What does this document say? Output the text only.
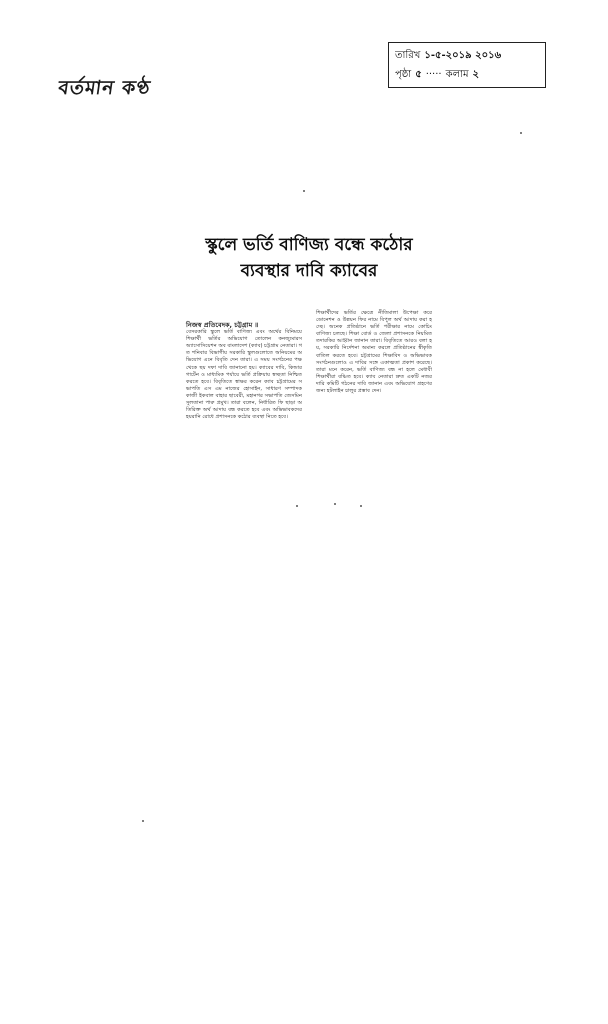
বর্তমান কণ্ঠ
তারিখ ১-৫-২০১৯ ২০১৬
পৃষ্ঠা ৫ ····· কলাম ২
স্কুলে ভর্তি বাণিজ্য বন্ধে কঠোর
ব্যবস্থার দাবি ক্যাবের
নিজস্ব প্রতিবেদক, চট্টগ্রাম ॥
বেসরকারি স্কুলে ভর্তি বাণিজ্য এবং অর্থের বিনিময়ে শিক্ষার্থী ভর্তির অভিযোগ তোলেন কনজ্যুমারস অ্যাসোসিয়েশন অব বাংলাদেশ (ক্যাব) চট্টগ্রাম নেতারা। গত শনিবার বিভাগীয় সরকারি স্কুলগুলোতে অনিয়মের অভিযোগ এনে বিবৃতি দেন তারা। এ সময় সংগঠনের পক্ষ থেকে ছয় দফা দাবি জানানো হয়। ক্যাবের দাবি, কিন্ডারগার্টেন ও মাধ্যমিক পর্যায়ে ভর্তি প্রক্রিয়ায় স্বচ্ছতা নিশ্চিত করতে হবে। বিবৃতিতে স্বাক্ষর করেন ক্যাব চট্টগ্রামের সভাপতি এস এম নাজের হোসাইন, সাধারণ সম্পাদক কাজী ইকবাল বাহার ছাবেরী, মহানগর সভাপতি জেসমিন সুলতানা পারু প্রমুখ। তারা বলেন, নির্ধারিত ফি ছাড়া অতিরিক্ত অর্থ আদায় বন্ধ করতে হবে এবং অভিভাবকদের হয়রানি রোধে প্রশাসনকে কঠোর ব্যবস্থা নিতে হবে।
শিক্ষার্থীদের ভর্তির ক্ষেত্রে নীতিমালা উপেক্ষা করে ডোনেশন ও উন্নয়ন ফির নামে বিপুল অর্থ আদায় করা হচ্ছে। অনেক প্রতিষ্ঠানে ভর্তি পরীক্ষার নামে কোচিং বাণিজ্য চলছে। শিক্ষা বোর্ড ও জেলা প্রশাসনকে নিয়মিত তদারকির আহ্বান জানান তারা। বিবৃতিতে আরও বলা হয়, সরকারি নির্দেশনা অমান্য করলে প্রতিষ্ঠানের স্বীকৃতি বাতিল করতে হবে। চট্টগ্রামের শিক্ষাবিদ ও অভিভাবক সংগঠনগুলোও এ দাবির সঙ্গে একাত্মতা প্রকাশ করেছে। তারা মনে করেন, ভর্তি বাণিজ্য বন্ধ না হলে মেধাবী শিক্ষার্থীরা বঞ্চিত হবে। ক্যাব নেতারা দ্রুত একটি নজরদারি কমিটি গঠনের দাবি জানান এবং অভিযোগ গ্রহণের জন্য হটলাইন চালুর প্রস্তাব দেন।
